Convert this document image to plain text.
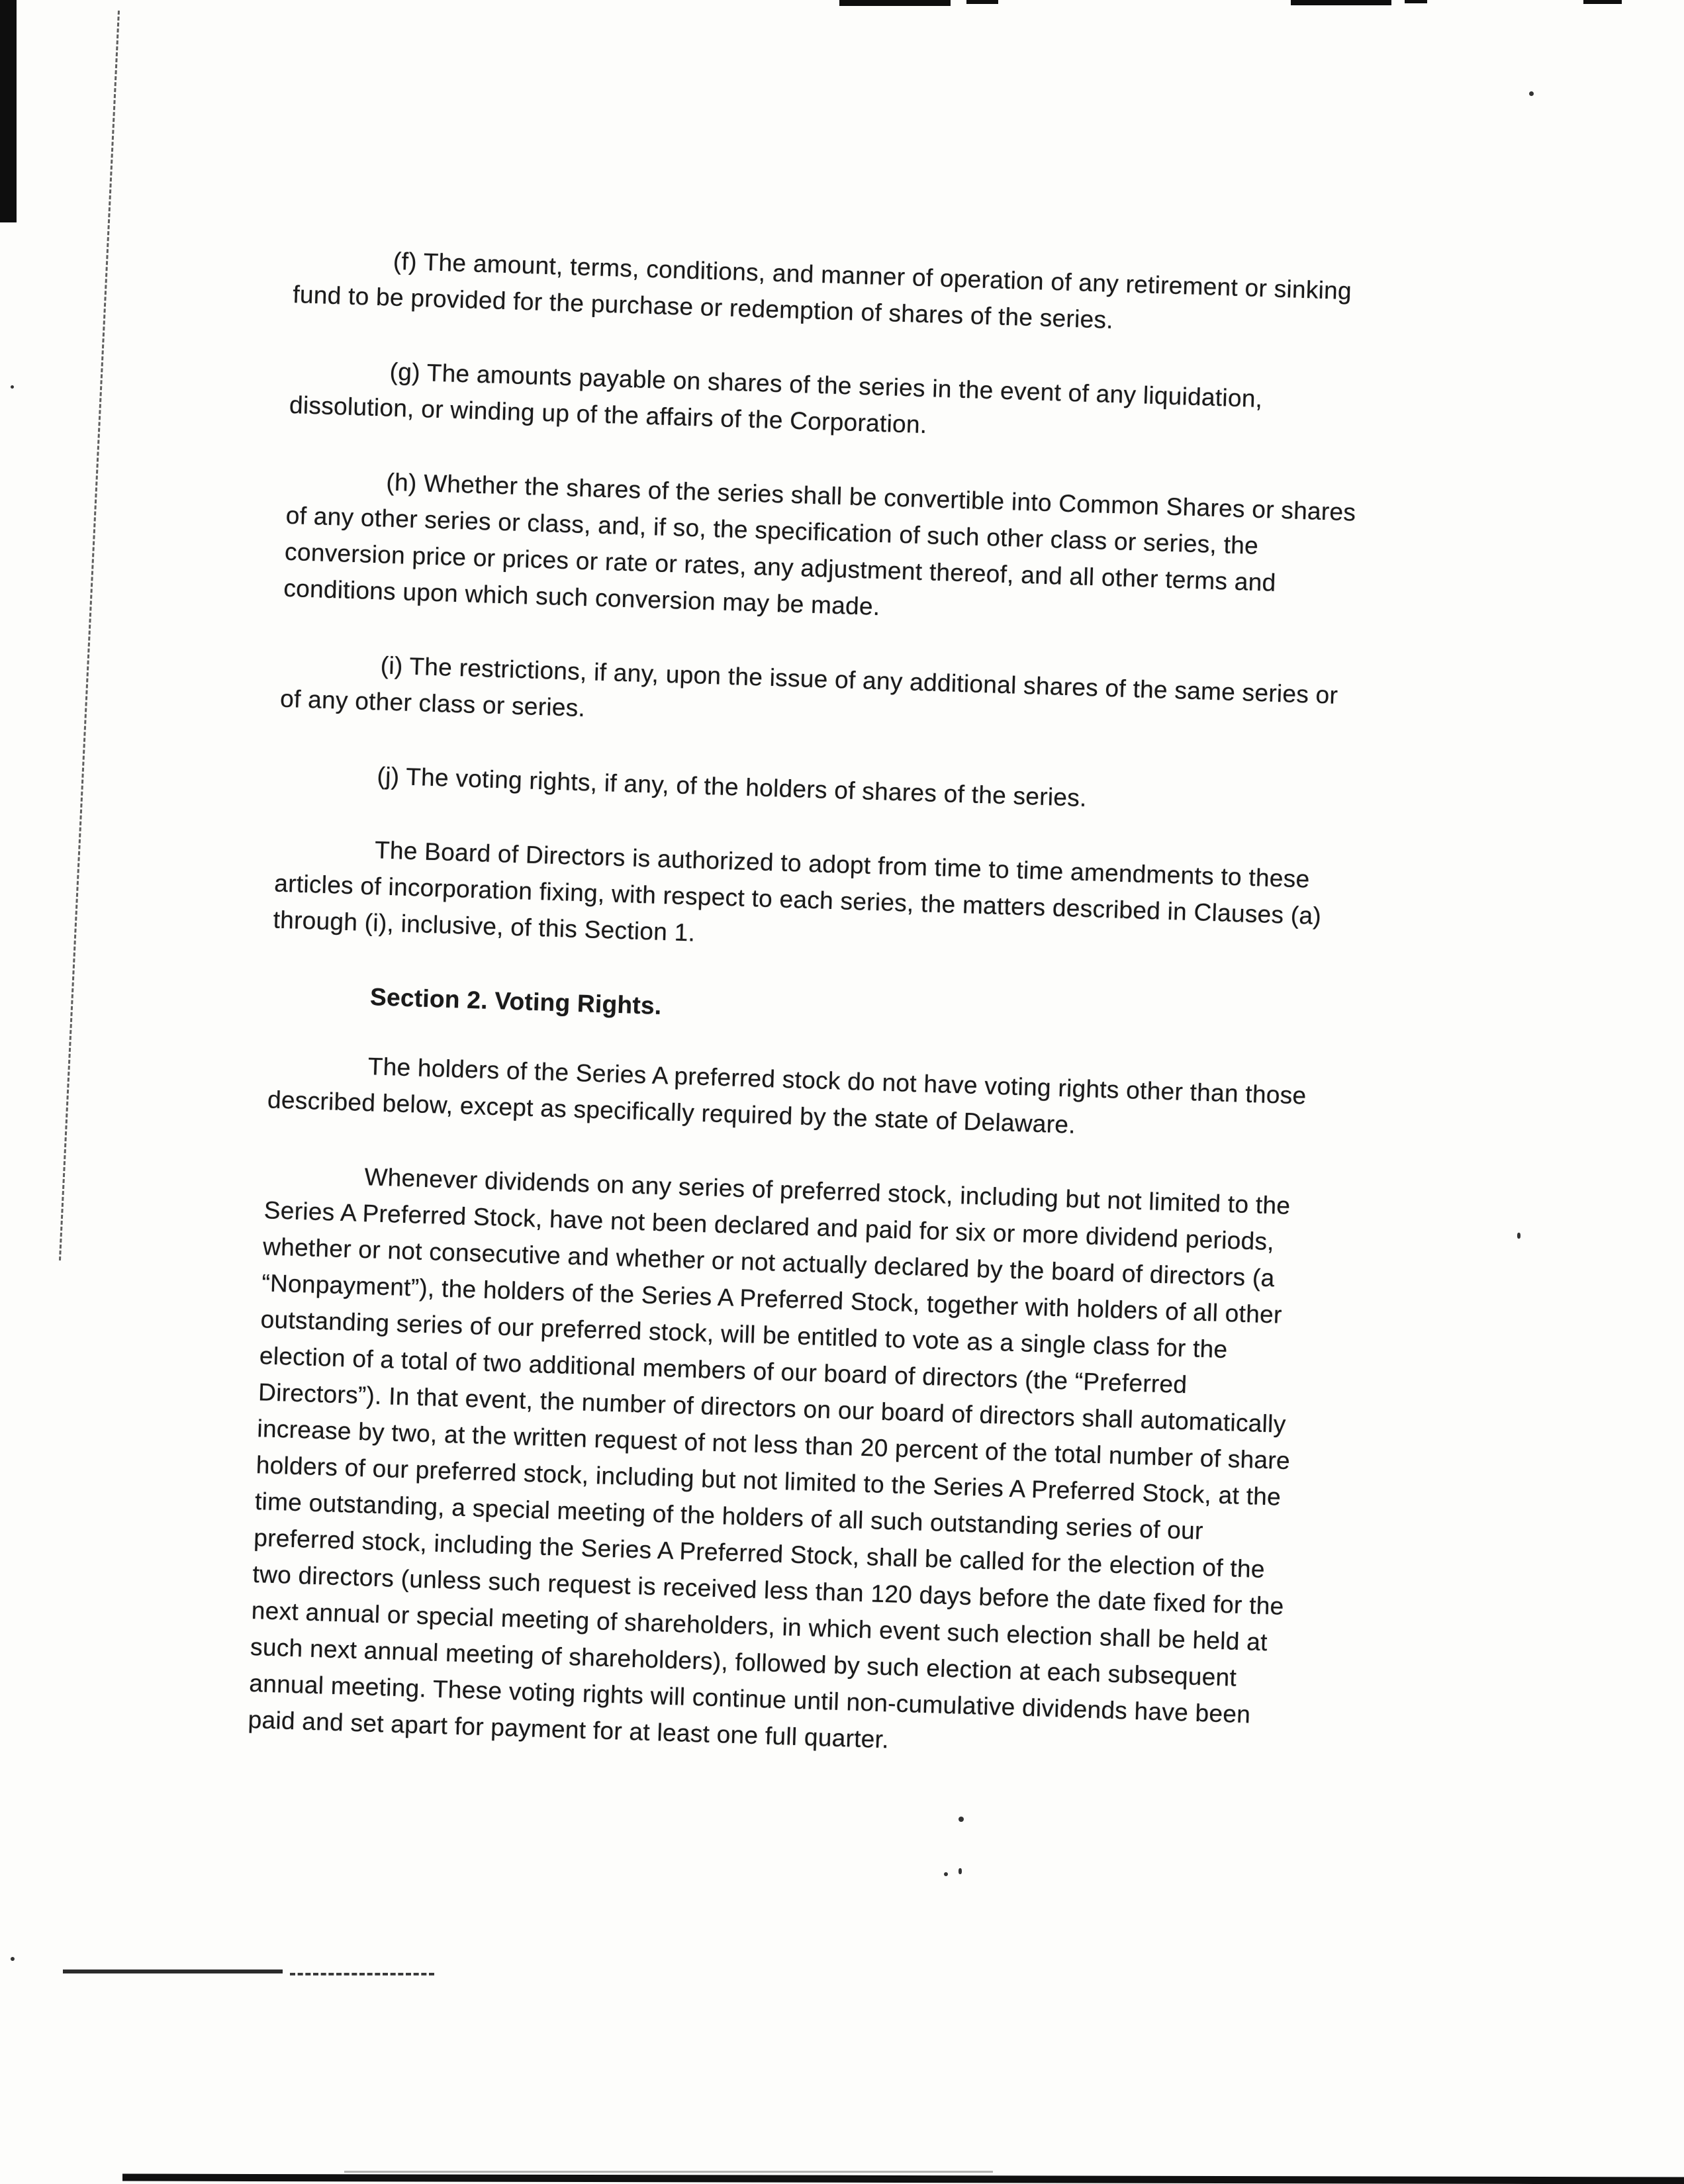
(f) The amount, terms, conditions, and manner of operation of any retirement or sinking
fund to be provided for the purchase or redemption of shares of the series.

(g) The amounts payable on shares of the series in the event of any liquidation,
dissolution, or winding up of the affairs of the Corporation.

(h) Whether the shares of the series shall be convertible into Common Shares or shares
of any other series or class, and, if so, the specification of such other class or series, the
conversion price or prices or rate or rates, any adjustment thereof, and all other terms and
conditions upon which such conversion may be made.

(i) The restrictions, if any, upon the issue of any additional shares of the same series or
of any other class or series.

(j) The voting rights, if any, of the holders of shares of the series.

The Board of Directors is authorized to adopt from time to time amendments to these
articles of incorporation fixing, with respect to each series, the matters described in Clauses (a)
through (i), inclusive, of this Section 1.

Section 2. Voting Rights.

The holders of the Series A preferred stock do not have voting rights other than those
described below, except as specifically required by the state of Delaware.

Whenever dividends on any series of preferred stock, including but not limited to the
Series A Preferred Stock, have not been declared and paid for six or more dividend periods,
whether or not consecutive and whether or not actually declared by the board of directors (a
“Nonpayment”), the holders of the Series A Preferred Stock, together with holders of all other
outstanding series of our preferred stock, will be entitled to vote as a single class for the
election of a total of two additional members of our board of directors (the “Preferred
Directors”). In that event, the number of directors on our board of directors shall automatically
increase by two, at the written request of not less than 20 percent of the total number of share
holders of our preferred stock, including but not limited to the Series A Preferred Stock, at the
time outstanding, a special meeting of the holders of all such outstanding series of our
preferred stock, including the Series A Preferred Stock, shall be called for the election of the
two directors (unless such request is received less than 120 days before the date fixed for the
next annual or special meeting of shareholders, in which event such election shall be held at
such next annual meeting of shareholders), followed by such election at each subsequent
annual meeting. These voting rights will continue until non-cumulative dividends have been
paid and set apart for payment for at least one full quarter.
